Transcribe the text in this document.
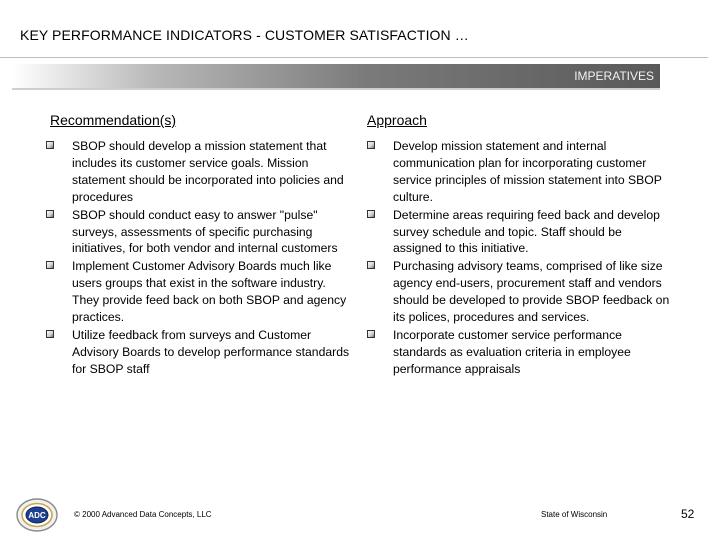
KEY PERFORMANCE INDICATORS - CUSTOMER SATISFACTION …
IMPERATIVES
Recommendation(s)
SBOP should develop a mission statement that includes its customer service goals. Mission statement should be incorporated into policies and procedures
SBOP should conduct easy to answer "pulse" surveys, assessments of specific purchasing initiatives, for both vendor and internal customers
Implement Customer Advisory Boards much like users groups that exist in the software industry. They provide feed back on both SBOP and agency practices.
Utilize feedback from surveys and Customer Advisory Boards to develop performance standards for SBOP staff
Approach
Develop mission statement and internal communication plan for incorporating customer service principles of mission statement into SBOP culture.
Determine areas requiring feed back and develop survey schedule and topic. Staff should be assigned to this initiative.
Purchasing advisory teams, comprised of like size agency end-users, procurement staff and vendors should be developed to provide SBOP feedback on its polices, procedures and services.
Incorporate customer service performance standards as evaluation criteria in employee performance appraisals
ADC	© 2000 Advanced Data Concepts, LLC	State of Wisconsin	52
